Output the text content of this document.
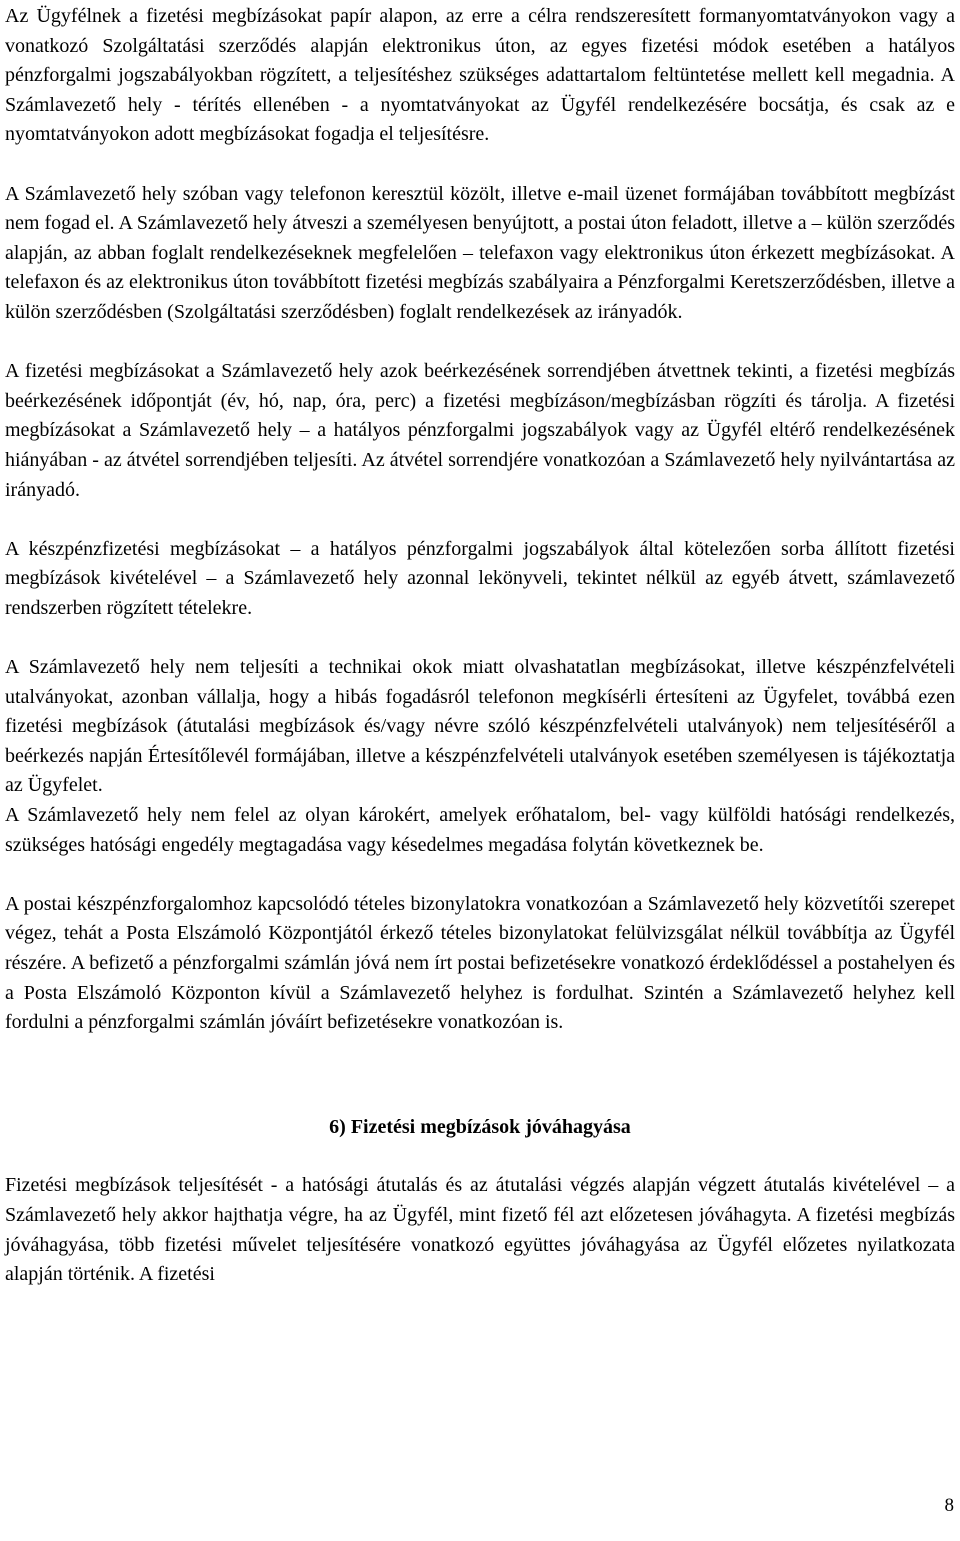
Az Ügyfélnek a fizetési megbízásokat papír alapon, az erre a célra rendszeresített formanyomtatványokon vagy a vonatkozó Szolgáltatási szerződés alapján elektronikus úton, az egyes fizetési módok esetében a hatályos pénzforgalmi jogszabályokban rögzített, a teljesítéshez szükséges adattartalom feltüntetése mellett kell megadnia. A Számlavezető hely - térítés ellenében - a nyomtatványokat az Ügyfél rendelkezésére bocsátja, és csak az e nyomtatványokon adott megbízásokat fogadja el teljesítésre.

A Számlavezető hely szóban vagy telefonon keresztül közölt, illetve e-mail üzenet formájában továbbított megbízást nem fogad el. A Számlavezető hely átveszi a személyesen benyújtott, a postai úton feladott, illetve a – külön szerződés alapján, az abban foglalt rendelkezéseknek megfelelően – telefaxon vagy elektronikus úton érkezett megbízásokat. A telefaxon és az elektronikus úton továbbított fizetési megbízás szabályaira a Pénzforgalmi Keretszerződésben, illetve a külön szerződésben (Szolgáltatási szerződésben) foglalt rendelkezések az irányadók.

A fizetési megbízásokat a Számlavezető hely azok beérkezésének sorrendjében átvettnek tekinti, a fizetési megbízás beérkezésének időpontját (év, hó, nap, óra, perc) a fizetési megbízáson/megbízásban rögzíti és tárolja. A fizetési megbízásokat a Számlavezető hely – a hatályos pénzforgalmi jogszabályok vagy az Ügyfél eltérő rendelkezésének hiányában - az átvétel sorrendjében teljesíti. Az átvétel sorrendjére vonatkozóan a Számlavezető hely nyilvántartása az irányadó.

A készpénzfizetési megbízásokat – a hatályos pénzforgalmi jogszabályok által kötelezően sorba állított fizetési megbízások kivételével – a Számlavezető hely azonnal lekönyveli, tekintet nélkül az egyéb átvett, számlavezető rendszerben rögzített tételekre.

A Számlavezető hely nem teljesíti a technikai okok miatt olvashatatlan megbízásokat, illetve készpénzfelvételi utalványokat, azonban vállalja, hogy a hibás fogadásról telefonon megkísérli értesíteni az Ügyfelet, továbbá ezen fizetési megbízások (átutalási megbízások és/vagy névre szóló készpénzfelvételi utalványok) nem teljesítéséről a beérkezés napján Értesítőlevél formájában, illetve a készpénzfelvételi utalványok esetében személyesen is tájékoztatja az Ügyfelet.

A Számlavezető hely nem felel az olyan károkért, amelyek erőhatalom, bel- vagy külföldi hatósági rendelkezés, szükséges hatósági engedély megtagadása vagy késedelmes megadása folytán következnek be.

A postai készpénzforgalomhoz kapcsolódó tételes bizonylatokra vonatkozóan a Számlavezető hely közvetítői szerepet végez, tehát a Posta Elszámoló Központjától érkező tételes bizonylatokat felülvizsgálat nélkül továbbítja az Ügyfél részére. A befizető a pénzforgalmi számlán jóvá nem írt postai befizetésekre vonatkozó érdeklődéssel a postahelyen és a Posta Elszámoló Központon kívül a Számlavezető helyhez is fordulhat. Szintén a Számlavezető helyhez kell fordulni a pénzforgalmi számlán jóváírt befizetésekre vonatkozóan is.

6) Fizetési megbízások jóváhagyása

Fizetési megbízások teljesítését - a hatósági átutalás és az átutalási végzés alapján végzett átutalás kivételével – a Számlavezető hely akkor hajthatja végre, ha az Ügyfél, mint fizető fél azt előzetesen jóváhagyta. A fizetési megbízás jóváhagyása, több fizetési művelet teljesítésére vonatkozó együttes jóváhagyása az Ügyfél előzetes nyilatkozata alapján történik. A fizetési

8
